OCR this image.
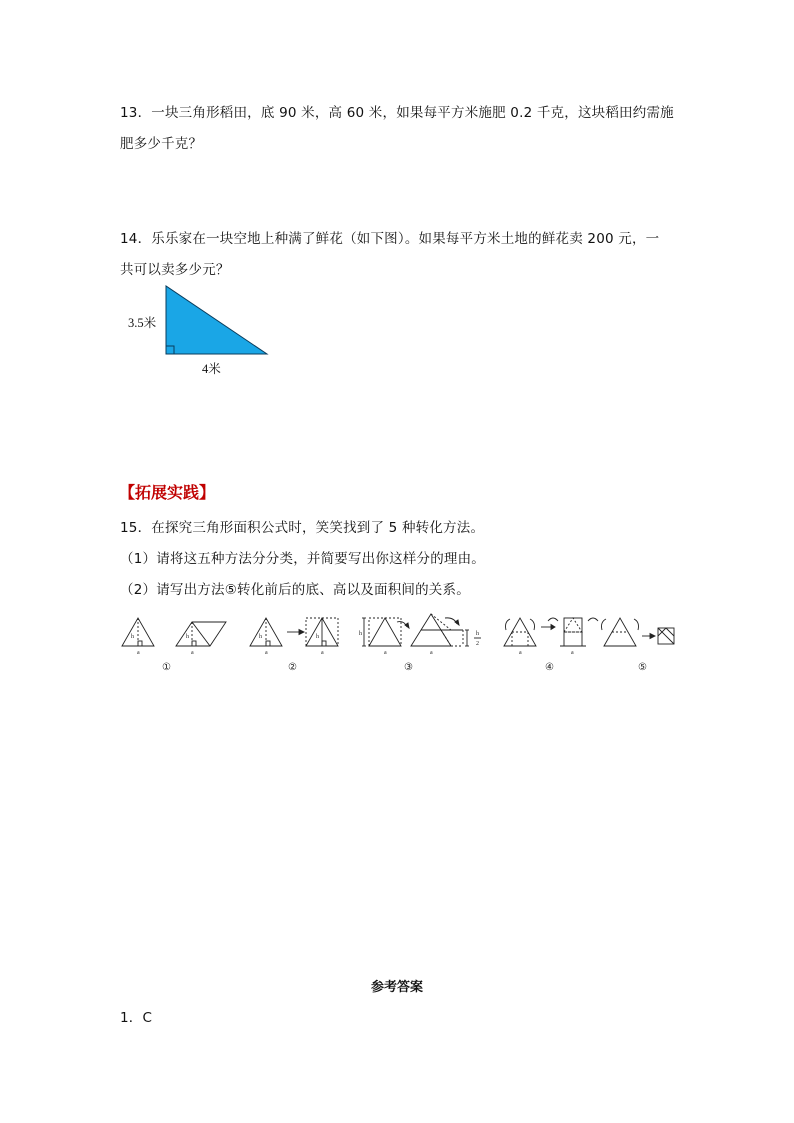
13．一块三角形稻田，底 90 米，高 60 米，如果每平方米施肥 0.2 千克，这块稻田约需施
肥多少千克？
14．乐乐家在一块空地上种满了鲜花（如下图）。如果每平方米土地的鲜花卖 200 元，一
共可以卖多少元？
3.5米
4米
【拓展实践】
15．在探究三角形面积公式时，笑笑找到了 5 种转化方法。
（1）请将这五种方法分分类，并简要写出你这样分的理由。
（2）请写出方法⑤转化前后的底、高以及面积间的关系。
h
a
h
a
h
a
h
a
h
a	a
h
2
a	a
①	②	③	④	⑤
参考答案
1．C
